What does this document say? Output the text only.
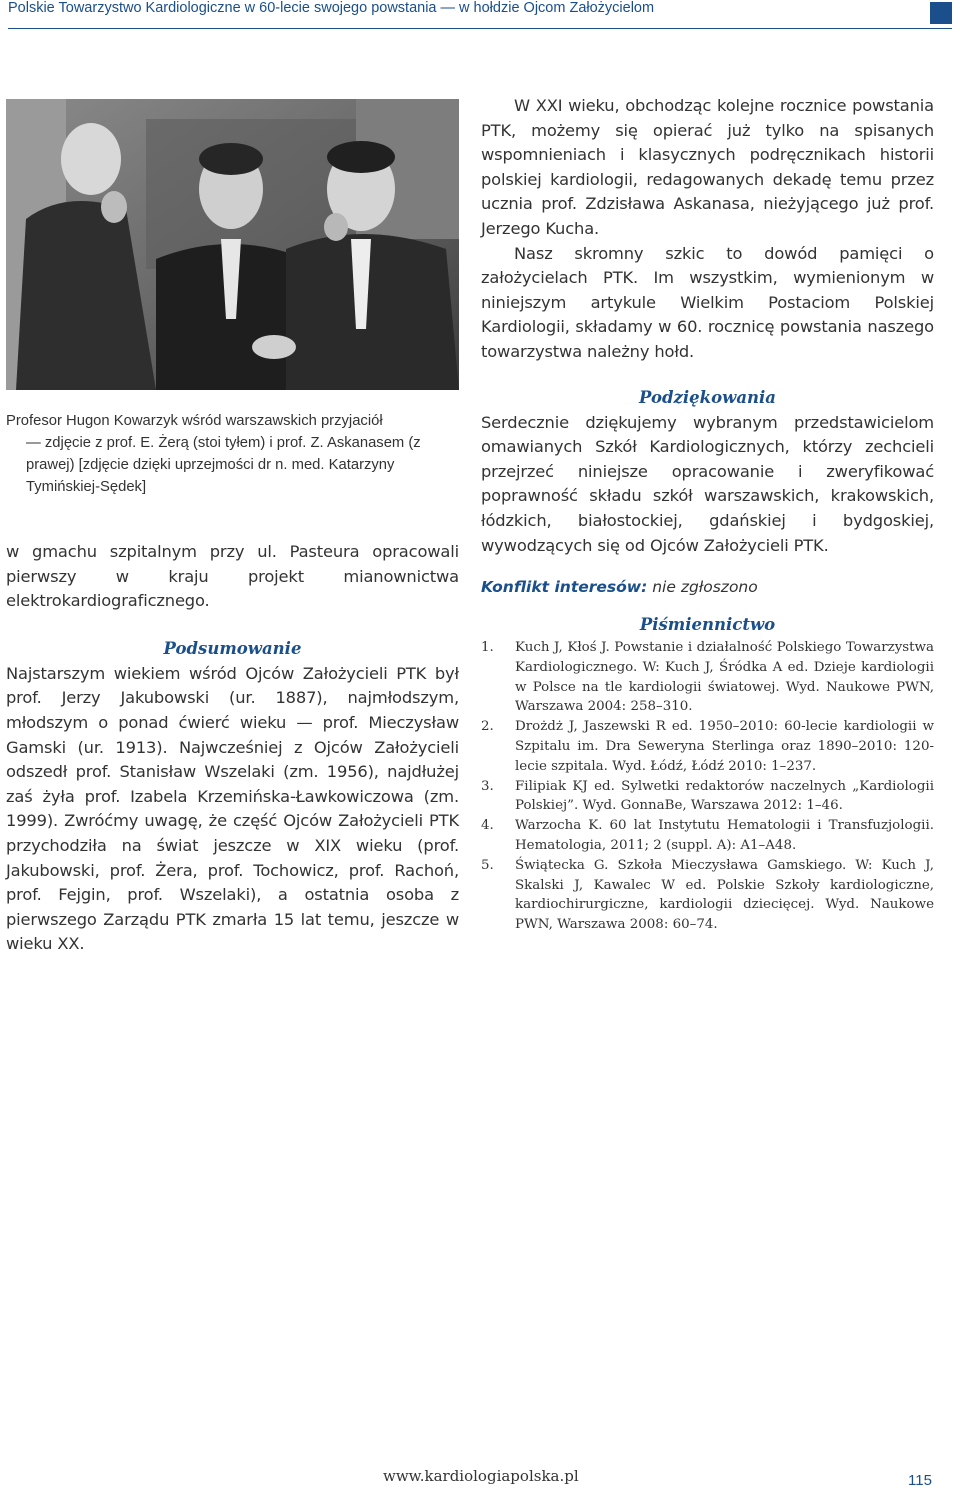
Polskie Towarzystwo Kardiologiczne w 60-lecie swojego powstania — w hołdzie Ojcom Założycielom
Profesor Hugon Kowarzyk wśród warszawskich przyjaciół
— zdjęcie z prof. E. Żerą (stoi tyłem) i prof. Z. Askanasem (z prawej) [zdjęcie dzięki uprzejmości dr n. med. Katarzyny Tymińskiej-Sędek]

w gmachu szpitalnym przy ul. Pasteura opracowali pierwszy w kraju projekt mianownictwa elektrokardiograficznego.

Podsumowanie

Najstarszym wiekiem wśród Ojców Założycieli PTK był prof. Jerzy Jakubowski (ur. 1887), najmłodszym, młodszym o ponad ćwierć wieku — prof. Mieczysław Gamski (ur. 1913). Najwcześniej z Ojców Założycieli odszedł prof. Stanisław Wszelaki (zm. 1956), najdłużej zaś żyła prof. Izabela Krzemińska-Ławkowiczowa (zm. 1999). Zwróćmy uwagę, że część Ojców Założycieli PTK przychodziła na świat jeszcze w XIX wieku (prof. Jakubowski, prof. Żera, prof. Tochowicz, prof. Rachoń, prof. Fejgin, prof. Wszelaki), a ostatnia osoba z pierwszego Zarządu PTK zmarła 15 lat temu, jeszcze w wieku XX.

W XXI wieku, obchodząc kolejne rocznice powstania PTK, możemy się opierać już tylko na spisanych wspomnieniach i klasycznych podręcznikach historii polskiej kardiologii, redagowanych dekadę temu przez ucznia prof. Zdzisława Askanasa, nieżyjącego już prof. Jerzego Kucha.

Nasz skromny szkic to dowód pamięci o założycielach PTK. Im wszystkim, wymienionym w niniejszym artykule Wielkim Postaciom Polskiej Kardiologii, składamy w 60. rocznicę powstania naszego towarzystwa należny hołd.

Podziękowania

Serdecznie dziękujemy wybranym przedstawicielom omawianych Szkół Kardiologicznych, którzy zechcieli przejrzeć niniejsze opracowanie i zweryfikować poprawność składu szkół warszawskich, krakowskich, łódzkich, białostockiej, gdańskiej i bydgoskiej, wywodzących się od Ojców Założycieli PTK.

Konflikt interesów: nie zgłoszono

Piśmiennictwo

1. Kuch J, Kłoś J. Powstanie i działalność Polskiego Towarzystwa Kardiologicznego. W: Kuch J, Śródka A ed. Dzieje kardiologii w Polsce na tle kardiologii światowej. Wyd. Naukowe PWN, Warszawa 2004: 258–310.
2. Drożdż J, Jaszewski R ed. 1950–2010: 60-lecie kardiologii w Szpitalu im. Dra Seweryna Sterlinga oraz 1890–2010: 120-lecie szpitala. Wyd. Łódź, Łódź 2010: 1–237.
3. Filipiak KJ ed. Sylwetki redaktorów naczelnych „Kardiologii Polskiej”. Wyd. GonnaBe, Warszawa 2012: 1–46.
4. Warzocha K. 60 lat Instytutu Hematologii i Transfuzjologii. Hematologia, 2011; 2 (suppl. A): A1–A48.
5. Świątecka G. Szkoła Mieczysława Gamskiego. W: Kuch J, Skalski J, Kawalec W ed. Polskie Szkoły kardiologiczne, kardiochirurgiczne, kardiologii dziecięcej. Wyd. Naukowe PWN, Warszawa 2008: 60–74.
www.kardiologiapolska.pl	115
